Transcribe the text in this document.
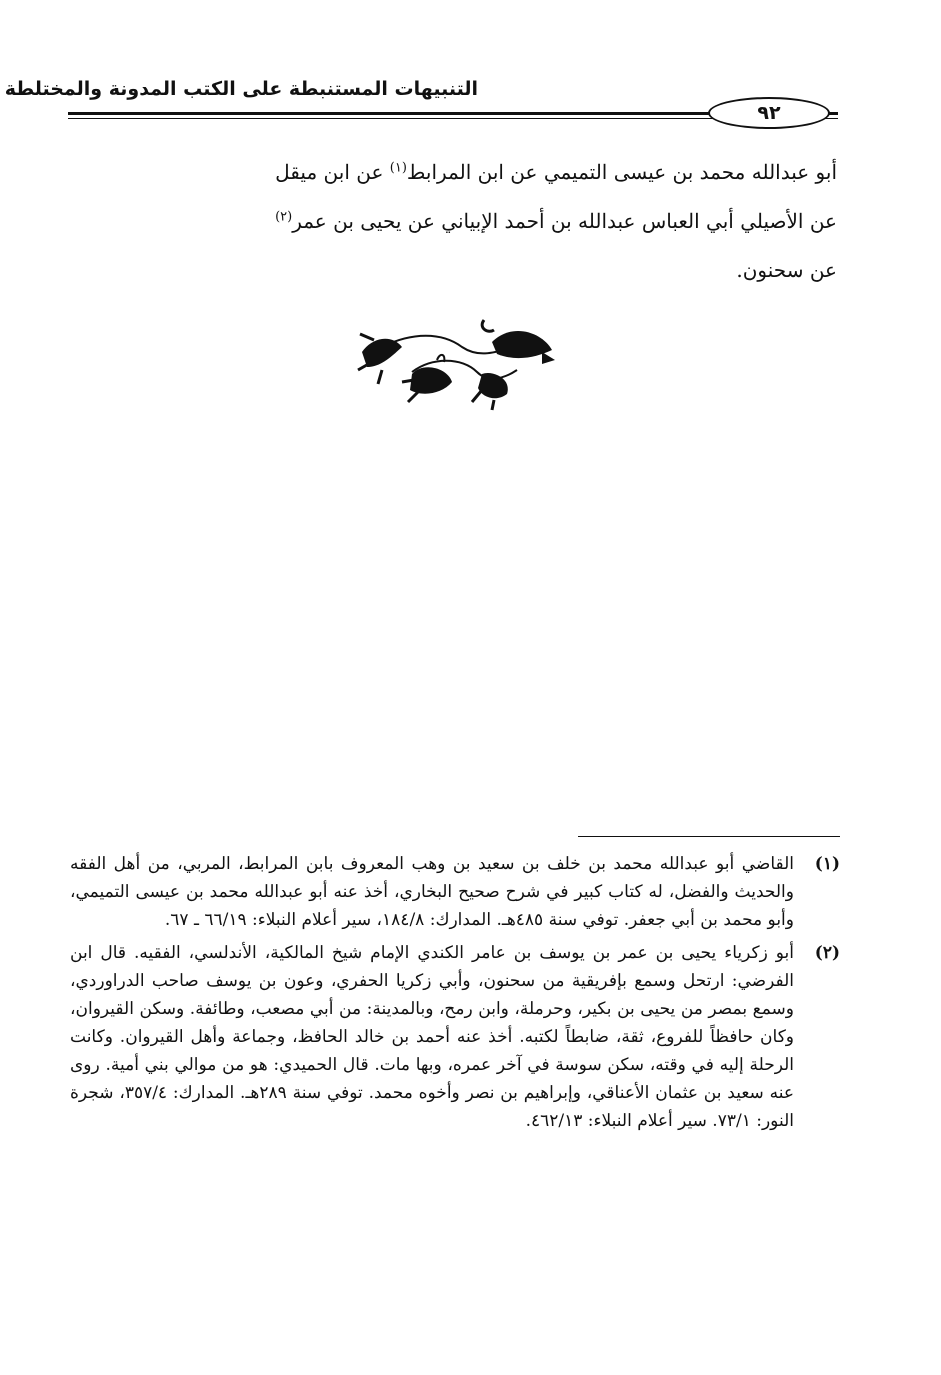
التنبيهات المستنبطة على الكتب المدونة والمختلطة
٩٢
أبو عبدالله محمد بن عيسى التميمي عن ابن المرابط$^{(١)}$ عن ابن ميقل
عن الأصيلي أبي العباس عبدالله بن أحمد الإبياني عن يحيى بن عمر$^{(٢)}$
عن سحنون.
(١)
القاضي أبو عبدالله محمد بن خلف بن سعيد بن وهب المعروف بابن المرابط، المربي، من أهل الفقه والحديث والفضل، له كتاب كبير في شرح صحيح البخاري، أخذ عنه أبو عبدالله محمد بن عيسى التميمي، وأبو محمد بن أبي جعفر. توفي سنة ٤٨٥هـ. المدارك: ١٨٤/٨، سير أعلام النبلاء: ٦٦/١٩ ـ ٦٧.
(٢)
أبو زكرياء يحيى بن عمر بن يوسف بن عامر الكندي الإمام شيخ المالكية، الأندلسي، الفقيه. قال ابن الفرضي: ارتحل وسمع بإفريقية من سحنون، وأبي زكريا الحفري، وعون بن يوسف صاحب الدراوردي، وسمع بمصر من يحيى بن بكير، وحرملة، وابن رمح، وبالمدينة: من أبي مصعب، وطائفة. وسكن القيروان، وكان حافظاً للفروع، ثقة، ضابطاً لكتبه. أخذ عنه أحمد بن خالد الحافظ، وجماعة وأهل القيروان. وكانت الرحلة إليه في وقته، سكن سوسة في آخر عمره، وبها مات. قال الحميدي: هو من موالي بني أمية. روى عنه سعيد بن عثمان الأعناقي، وإبراهيم بن نصر وأخوه محمد. توفي سنة ٢٨٩هـ. المدارك: ٣٥٧/٤، شجرة النور: ٧٣/١. سير أعلام النبلاء: ٤٦٢/١٣.
